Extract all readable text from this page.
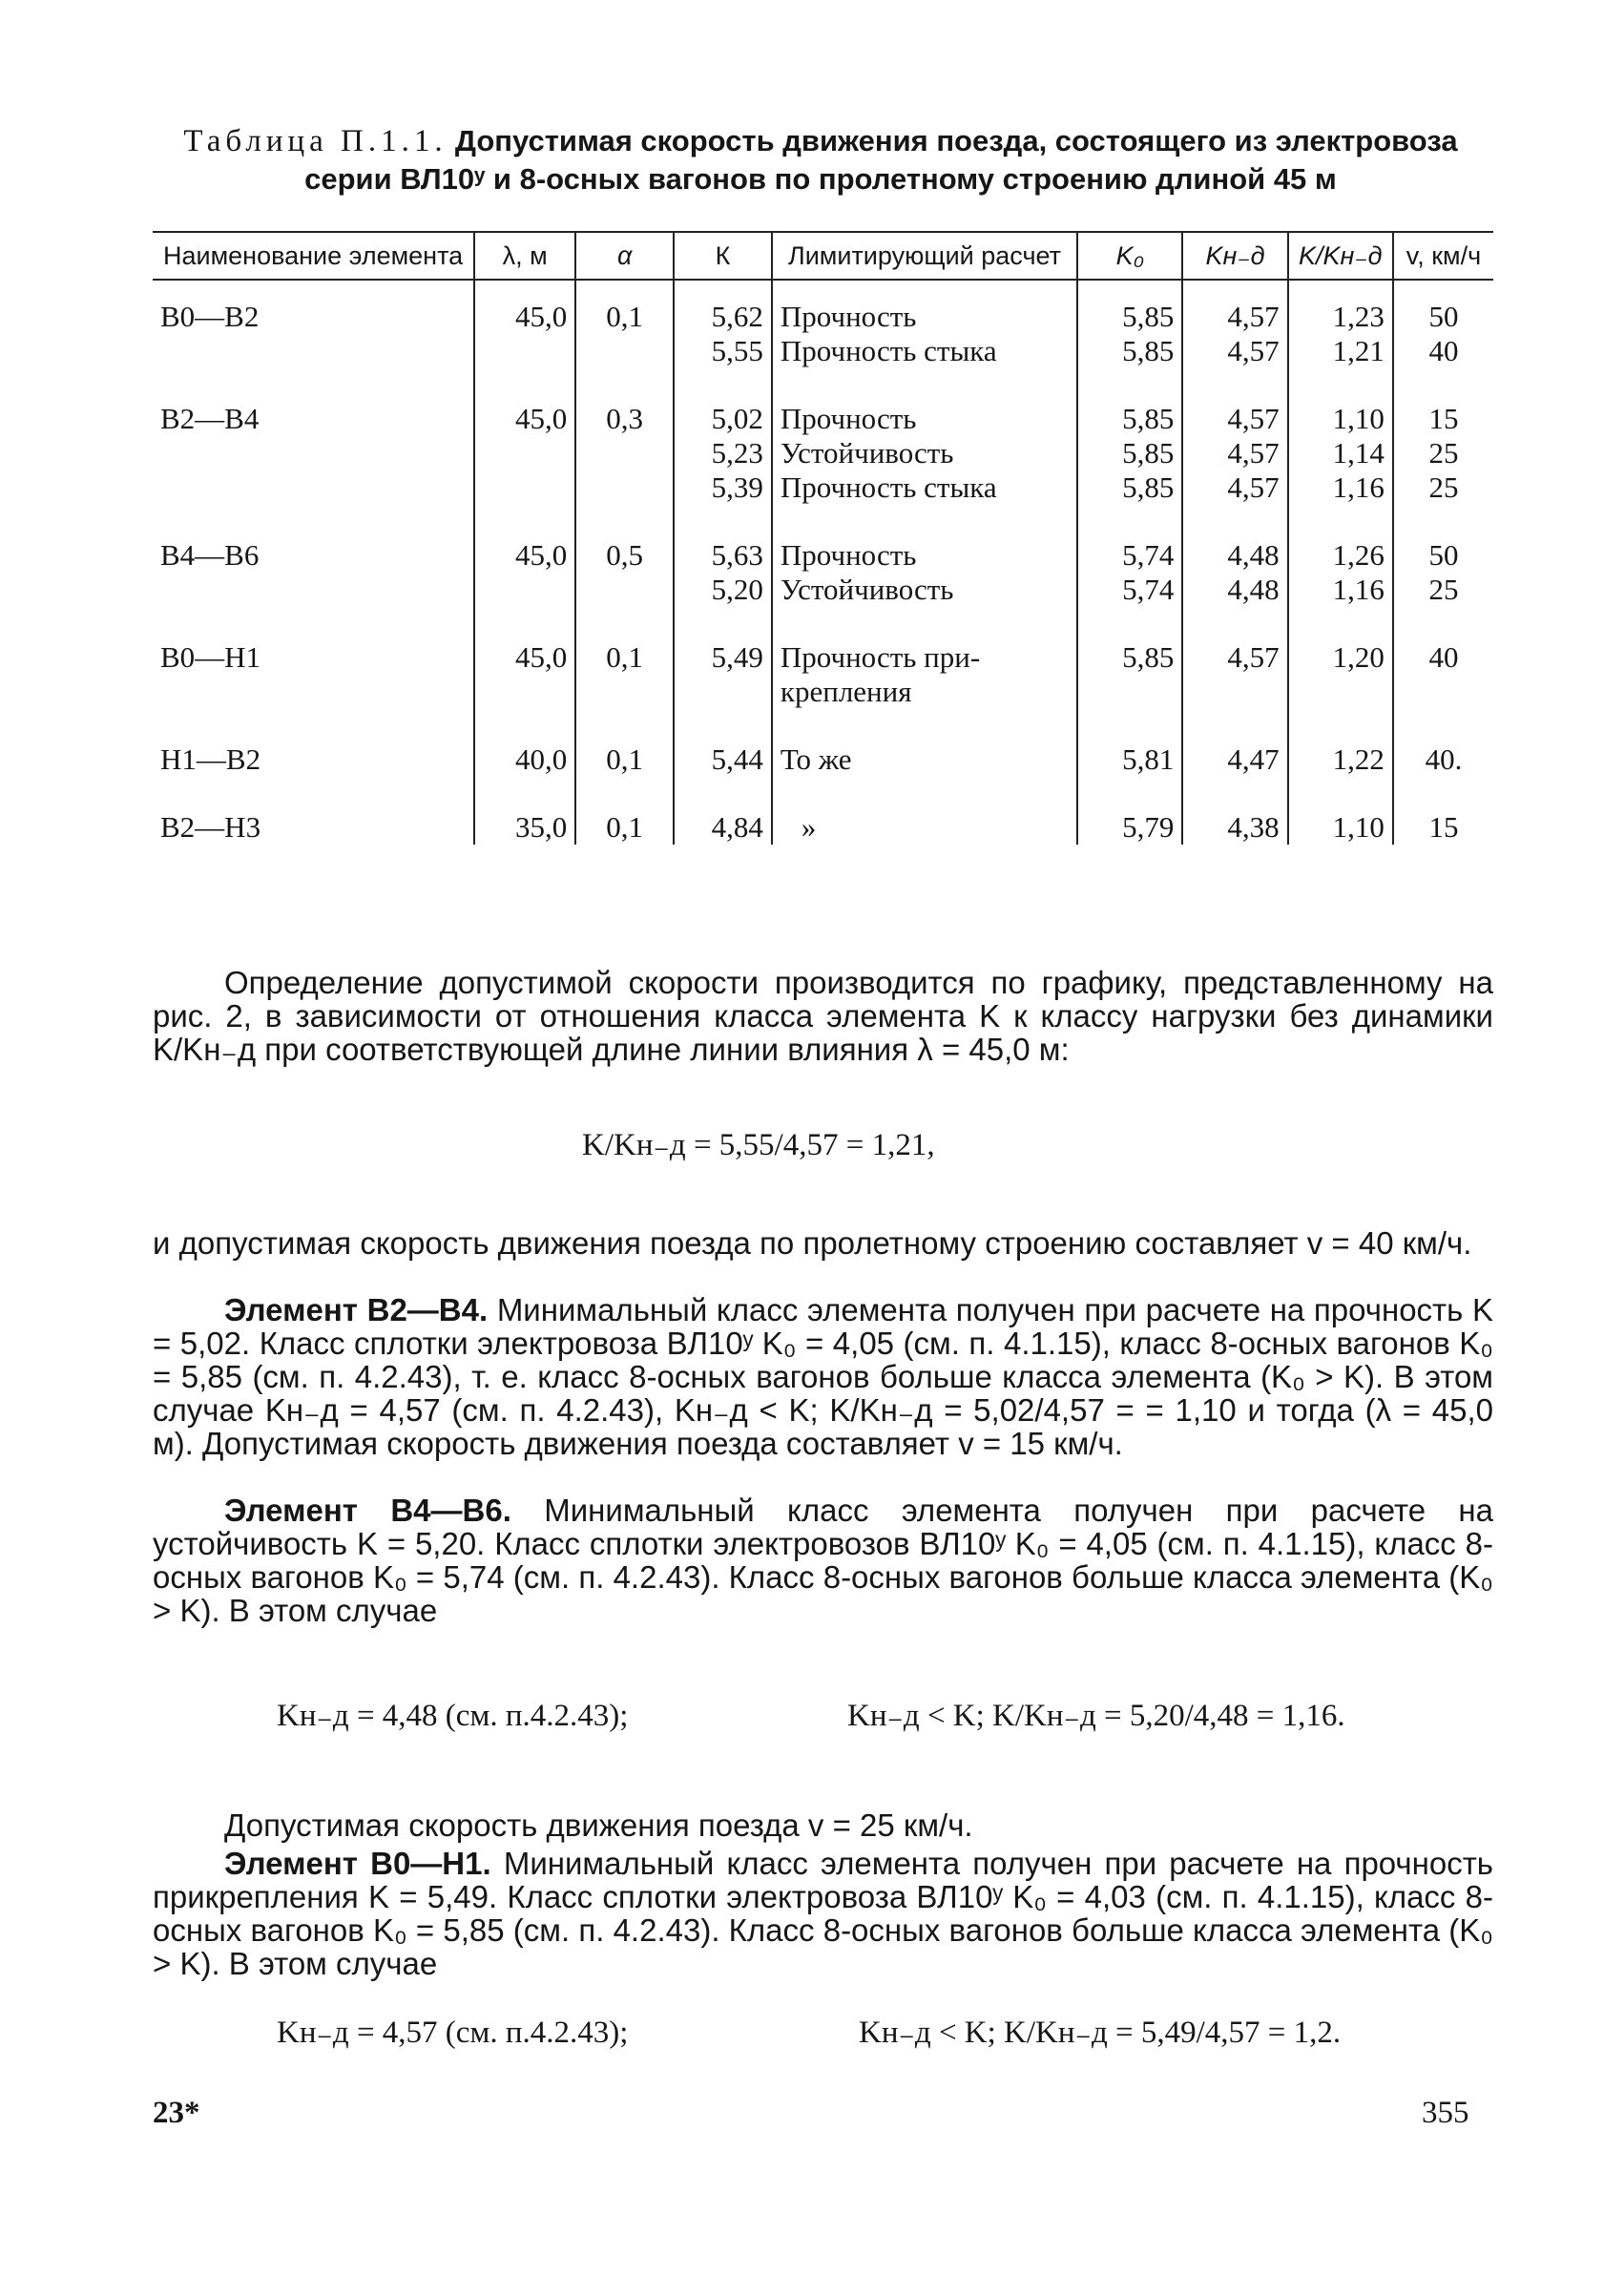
Таблица П.1.1. Допустимая скорость движения поезда, состоящего из электровоза
серии ВЛ10ʸ и 8-осных вагонов по пролетному строению длиной 45 м
Наименование элемента	λ, м	α	К	Лимитирующий расчет	K₀	Kн₋д	K/Kн₋д	v, км/ч
В0—В2	45,0	0,1	5,62	Прочность	5,85	4,57	1,23	50
			5,55	Прочность стыка	5,85	4,57	1,21	40
В2—В4	45,0	0,3	5,02	Прочность	5,85	4,57	1,10	15
			5,23	Устойчивость	5,85	4,57	1,14	25
			5,39	Прочность стыка	5,85	4,57	1,16	25
В4—В6	45,0	0,5	5,63	Прочность	5,74	4,48	1,26	50
			5,20	Устойчивость	5,74	4,48	1,16	25
В0—Н1	45,0	0,1	5,49	Прочность при-	5,85	4,57	1,20	40
				крепления				
Н1—В2	40,0	0,1	5,44	То же	5,81	4,47	1,22	40.
В2—Н3	35,0	0,1	4,84	»	5,79	4,38	1,10	15
Определение допустимой скорости производится по графику, представленному на рис. 2, в зависимости от отношения класса элемента K к классу нагрузки без динамики K/Kн₋д при соответствующей длине линии влияния λ = 45,0 м:
K/Kн₋д = 5,55/4,57 = 1,21,
и допустимая скорость движения поезда по пролетному строению составляет v = 40 км/ч.
Элемент В2—В4. Минимальный класс элемента получен при расчете на прочность K = 5,02. Класс сплотки электровоза ВЛ10ʸ K₀ = 4,05 (см. п. 4.1.15), класс 8-осных вагонов K₀ = 5,85 (см. п. 4.2.43), т. е. класс 8-осных вагонов больше класса элемента (K₀ > K). В этом случае Kн₋д = 4,57 (см. п. 4.2.43), Kн₋д < K; K/Kн₋д = 5,02/4,57 = = 1,10 и тогда (λ = 45,0 м). Допустимая скорость движения поезда составляет v = 15 км/ч.
Элемент В4—В6. Минимальный класс элемента получен при расчете на устойчивость K = 5,20. Класс сплотки электровозов ВЛ10ʸ K₀ = 4,05 (см. п. 4.1.15), класс 8-осных вагонов K₀ = 5,74 (см. п. 4.2.43). Класс 8-осных вагонов больше класса элемента (K₀ > K). В этом случае
Kн₋д = 4,48 (см. п.4.2.43);	Kн₋д < K; K/Kн₋д = 5,20/4,48 = 1,16.
Допустимая скорость движения поезда v = 25 км/ч.
Элемент В0—Н1. Минимальный класс элемента получен при расчете на прочность прикрепления K = 5,49. Класс сплотки электровоза ВЛ10ʸ K₀ = 4,03 (см. п. 4.1.15), класс 8-осных вагонов K₀ = 5,85 (см. п. 4.2.43). Класс 8-осных вагонов больше класса элемента (K₀ > K). В этом случае
Kн₋д = 4,57 (см. п.4.2.43);	Kн₋д < K; K/Kн₋д = 5,49/4,57 = 1,2.
23*	355
